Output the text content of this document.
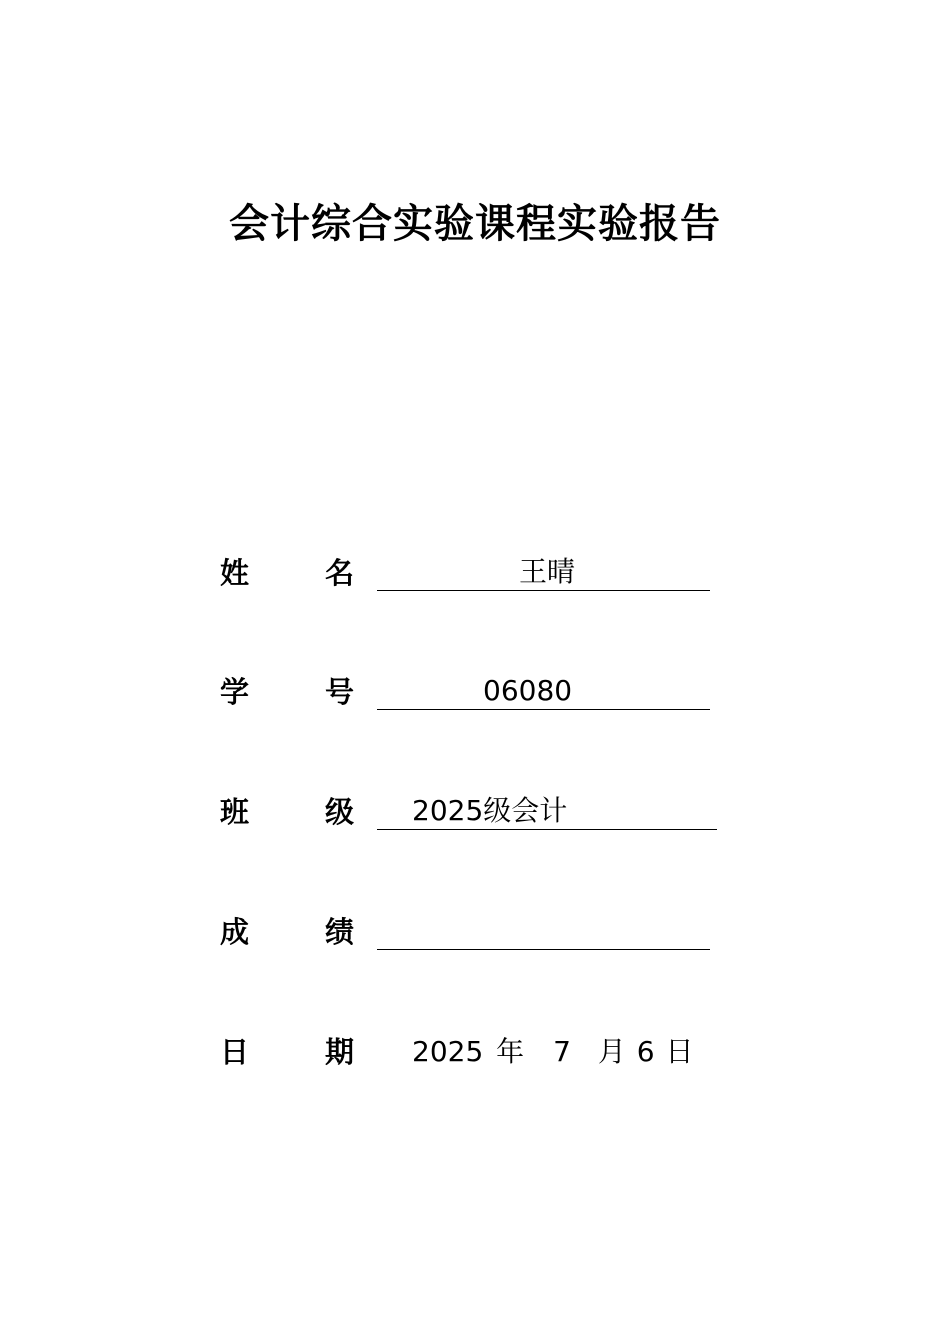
会计综合实验课程实验报告
姓	名	王晴
学	号	06080
班	级 2025级会计
成	绩
日	期 2025 年 7 月 6 日
